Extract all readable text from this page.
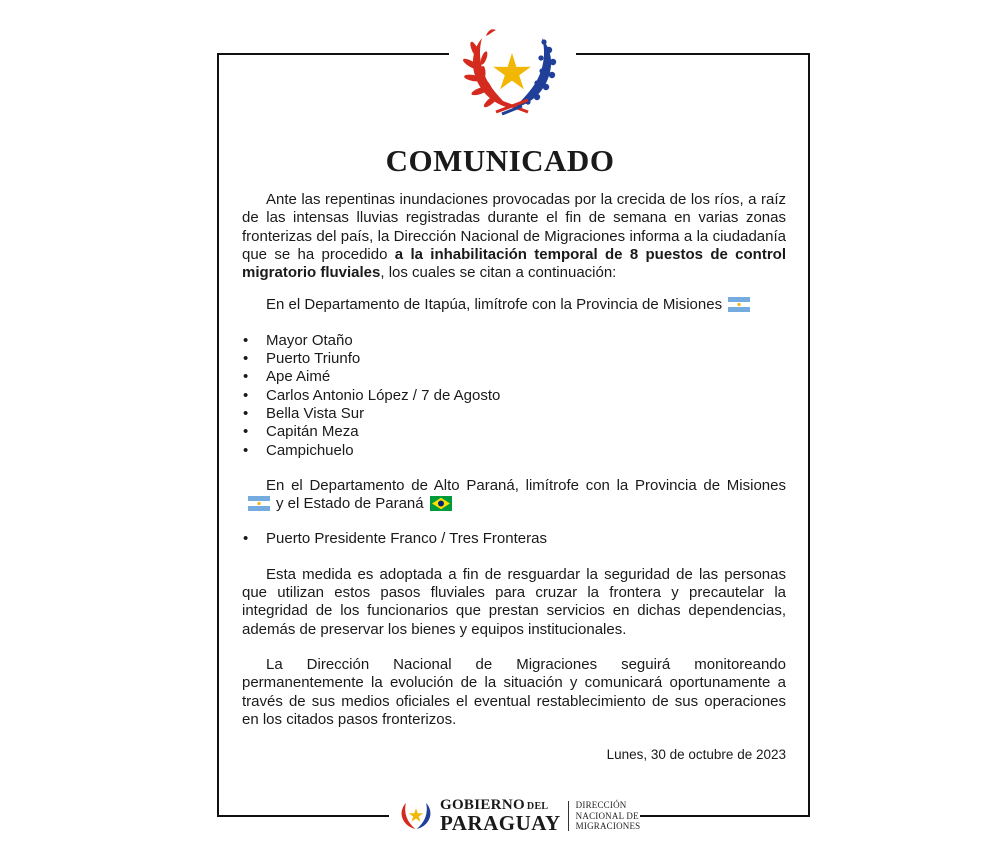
COMUNICADO

Ante las repentinas inundaciones provocadas por la crecida de los ríos, a raíz de las intensas lluvias registradas durante el fin de semana en varias zonas fronterizas del país, la Dirección Nacional de Migraciones informa a la ciudadanía que se ha procedido a la inhabilitación temporal de 8 puestos de control migratorio fluviales, los cuales se citan a continuación:

En el Departamento de Itapúa, limítrofe con la Provincia de Misiones

• Mayor Otaño
• Puerto Triunfo
• Ape Aimé
• Carlos Antonio López / 7 de Agosto
• Bella Vista Sur
• Capitán Meza
• Campichuelo

En el Departamento de Alto Paraná, limítrofe con la Provincia de Misionesy el Estado de Paraná

• Puerto Presidente Franco / Tres Fronteras

Esta medida es adoptada a fin de resguardar la seguridad de las personas que utilizan estos pasos fluviales para cruzar la frontera y precautelar la integridad de los funcionarios que prestan servicios en dichas dependencias, además de preservar los bienes y equipos institucionales.

La Dirección Nacional de Migraciones seguirá monitoreando permanentemente la evolución de la situación y comunicará oportunamente a través de sus medios oficiales el eventual restablecimiento de sus operaciones en los citados pasos fronterizos.

Lunes, 30 de octubre de 2023
GOBIERNO DEL
PARAGUAY
DIRECCIÓN
NACIONAL DE
MIGRACIONES
